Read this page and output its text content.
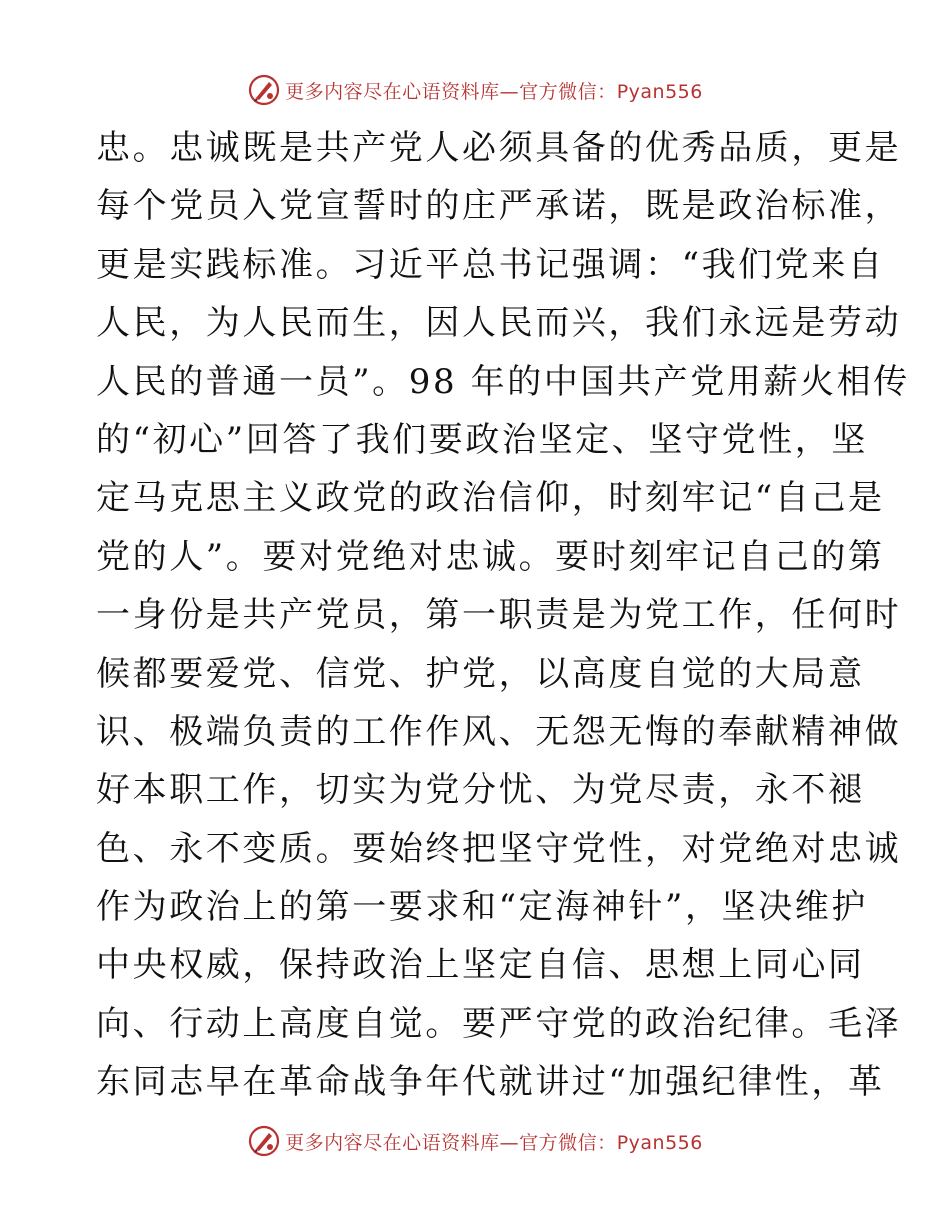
更多内容尽在心语资料库—官方微信：Pyan556
忠。忠诚既是共产党人必须具备的优秀品质，更是
每个党员入党宣誓时的庄严承诺，既是政治标准，
更是实践标准。习近平总书记强调：“我们党来自
人民，为人民而生，因人民而兴，我们永远是劳动
人民的普通一员”。98 年的中国共产党用薪火相传
的“初心”回答了我们要政治坚定、坚守党性，坚
定马克思主义政党的政治信仰，时刻牢记“自己是
党的人”。要对党绝对忠诚。要时刻牢记自己的第
一身份是共产党员，第一职责是为党工作，任何时
候都要爱党、信党、护党，以高度自觉的大局意
识、极端负责的工作作风、无怨无悔的奉献精神做
好本职工作，切实为党分忧、为党尽责，永不褪
色、永不变质。要始终把坚守党性，对党绝对忠诚
作为政治上的第一要求和“定海神针”，坚决维护
中央权威，保持政治上坚定自信、思想上同心同
向、行动上高度自觉。要严守党的政治纪律。毛泽
东同志早在革命战争年代就讲过“加强纪律性，革
更多内容尽在心语资料库—官方微信：Pyan556
